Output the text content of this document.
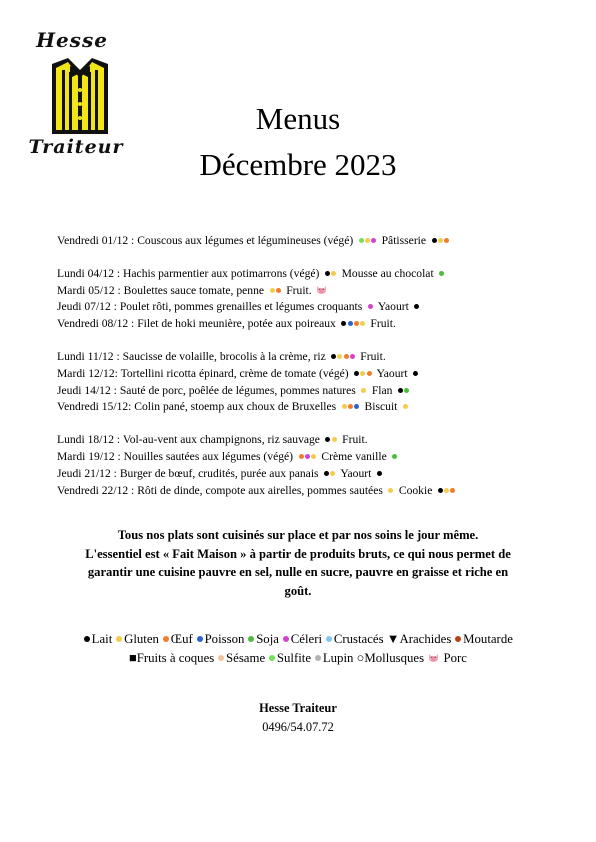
Hesse
Traiteur
Menus
Décembre 2023
Vendredi 01/12 : Couscous aux légumes et légumineuses (végé) Pâtisserie
Lundi 04/12 : Hachis parmentier aux potimarrons (végé) Mousse au chocolat
Mardi 05/12 : Boulettes sauce tomate, penne Fruit.
Jeudi 07/12 : Poulet rôti, pommes grenailles et légumes croquants Yaourt
Vendredi 08/12 : Filet de hoki meunière, potée aux poireaux	Fruit.
Lundi 11/12 : Saucisse de volaille, brocolis à la crème, riz	Fruit.
Mardi 12/12: Tortellini ricotta épinard, crème de tomate (végé) Yaourt
Jeudi 14/12 : Sauté de porc, poêlée de légumes, pommes natures Flan
Vendredi 15/12: Colin pané, stoemp aux choux de Bruxelles Biscuit
Lundi 18/12 : Vol-au-vent aux champignons, riz sauvage Fruit.
Mardi 19/12 : Nouilles sautées aux légumes (végé) Crème vanille
Jeudi 21/12 : Burger de bœuf, crudités, purée aux panais Yaourt
Vendredi 22/12 : Rôti de dinde, compote aux airelles, pommes sautées Cookie
Tous nos plats sont cuisinés sur place et par nos soins le jour même.
L'essentiel est « Fait Maison » à partir de produits bruts, ce qui nous permet de
garantir une cuisine pauvre en sel, nulle en sucre, pauvre en graisse et riche en
goût.
Lait Gluten Œuf Poisson Soja Céleri Crustacés ▼Arachides Moutarde
■Fruits à coques Sésame Sulfite Lupin ○Mollusques Porc
Hesse Traiteur
0496/54.07.72
